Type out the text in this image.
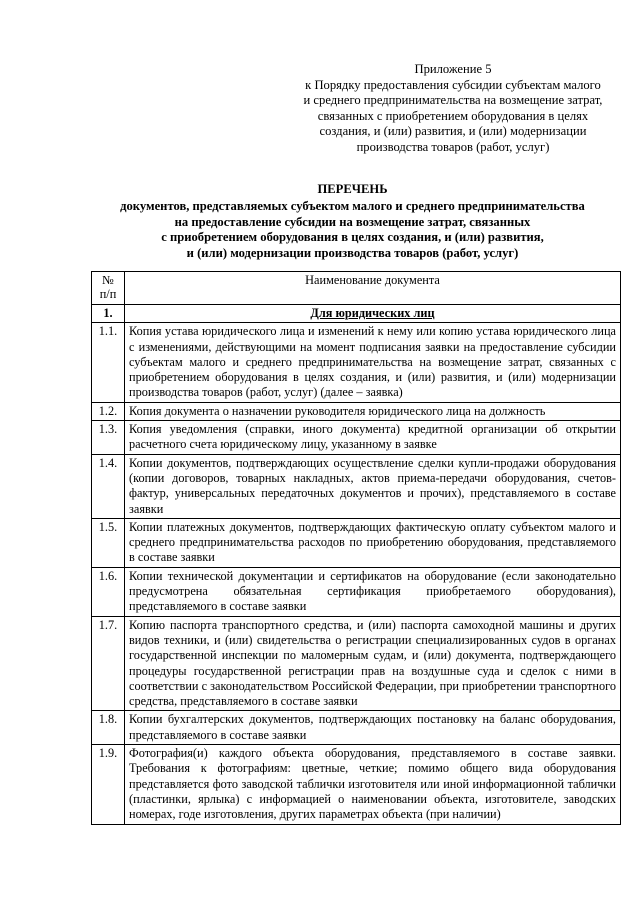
Приложение 5
к Порядку предоставления субсидии субъектам малого
и среднего предпринимательства на возмещение затрат,
связанных с приобретением оборудования в целях
создания, и (или) развития, и (или) модернизации
производства товаров (работ, услуг)
ПЕРЕЧЕНЬ
документов, представляемых субъектом малого и среднего предпринимательства
на предоставление субсидии на возмещение затрат, связанных
с приобретением оборудования в целях создания, и (или) развития,
и (или) модернизации производства товаров (работ, услуг)
№
п/п	Наименование документа
1.	Для юридических лиц
1.1.	Копия устава юридического лица и изменений к нему или копию устава юридического лица с изменениями, действующими на момент подписания заявки на предоставление субсидии субъектам малого и среднего предпринимательства на возмещение затрат, связанных с приобретением оборудования в целях создания, и (или) развития, и (или) модернизации производства товаров (работ, услуг) (далее – заявка)
1.2.	Копия документа о назначении руководителя юридического лица на должность
1.3.	Копия уведомления (справки, иного документа) кредитной организации об открытии расчетного счета юридическому лицу, указанному в заявке
1.4.	Копии документов, подтверждающих осуществление сделки купли-продажи оборудования (копии договоров, товарных накладных, актов приема-передачи оборудования, счетов-фактур, универсальных передаточных документов и прочих), представляемого в составе заявки
1.5.	Копии платежных документов, подтверждающих фактическую оплату субъектом малого и среднего предпринимательства расходов по приобретению оборудования, представляемого в составе заявки
1.6.	Копии технической документации и сертификатов на оборудование (если законодательно предусмотрена обязательная сертификация приобретаемого оборудования), представляемого в составе заявки
1.7.	Копию паспорта транспортного средства, и (или) паспорта самоходной машины и других видов техники, и (или) свидетельства о регистрации специализированных судов в органах государственной инспекции по маломерным судам, и (или) документа, подтверждающего процедуры государственной регистрации прав на воздушные суда и сделок с ними в соответствии с законодательством Российской Федерации, при приобретении транспортного средства, представляемого в составе заявки
1.8.	Копии бухгалтерских документов, подтверждающих постановку на баланс оборудования, представляемого в составе заявки
1.9.	Фотография(и) каждого объекта оборудования, представляемого в составе заявки. Требования к фотографиям: цветные, четкие; помимо общего вида оборудования представляется фото заводской таблички изготовителя или иной информационной таблички (пластинки, ярлыка) с информацией о наименовании объекта, изготовителе, заводских номерах, годе изготовления, других параметрах объекта (при наличии)
